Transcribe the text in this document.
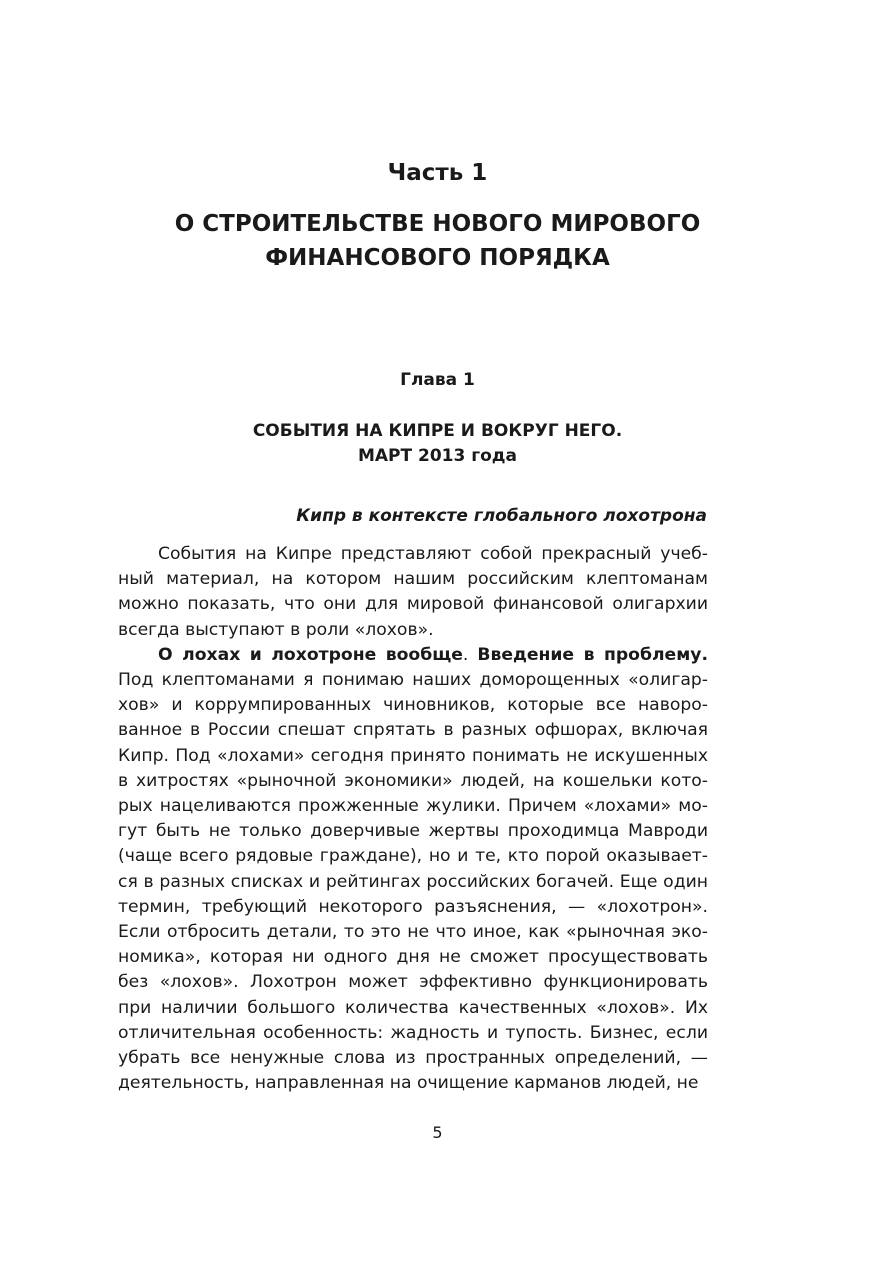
Часть 1
О СТРОИТЕЛЬСТВЕ НОВОГО МИРОВОГО ФИНАНСОВОГО ПОРЯДКА
Глава 1
СОБЫТИЯ НА КИПРЕ И ВОКРУГ НЕГО.
МАРТ 2013 года

Кипр в контексте глобального лохотрона

События на Кипре представляют собой прекрасный учебный материал, на котором нашим российским клептоманам можно показать, что они для мировой финансовой олигархии всегда выступают в роли «лохов».

О лохах и лохотроне вообще. Введение в проблему. Под клептоманами я понимаю наших доморощенных «олигархов» и коррумпированных чиновников, которые все наворованное в России спешат спрятать в разных офшорах, включая Кипр. Под «лохами» сегодня принято понимать не искушенных в хитростях «рыночной экономики» людей, на кошельки которых нацеливаются прожженные жулики. Причем «лохами» могут быть не только доверчивые жертвы проходимца Мавроди (чаще всего рядовые граждане), но и те, кто порой оказывается в разных списках и рейтингах российских богачей. Еще один термин, требующий некоторого разъяснения, — «лохотрон». Если отбросить детали, то это не что иное, как «рыночная экономика», которая ни одного дня не сможет просуществовать без «лохов». Лохотрон может эффективно функционировать при наличии большого количества качественных «лохов». Их отличительная особенность: жадность и тупость. Бизнес, если убрать все ненужные слова из пространных определений, — деятельность, направленная на очищение карманов людей, не

5
